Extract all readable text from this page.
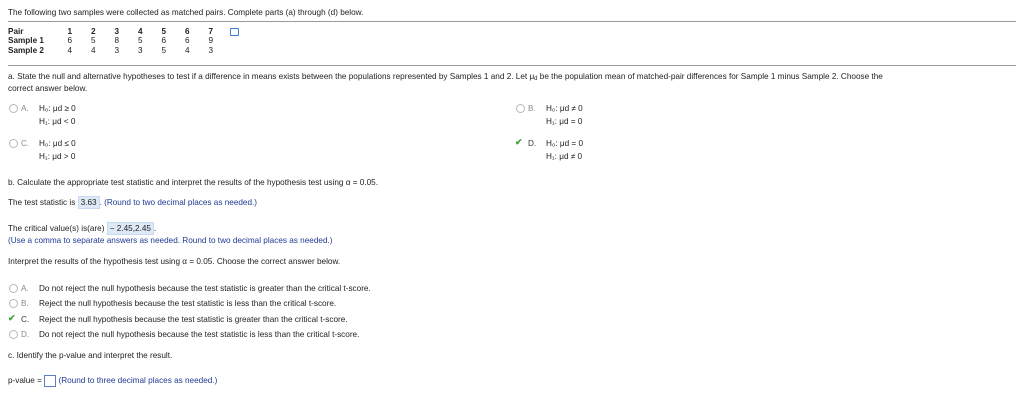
The following two samples were collected as matched pairs. Complete parts (a) through (d) below.
Pair	1	2	3	4	5	6	7	
Sample 1	6	5	8	5	6	6	9	
Sample 2	4	4	3	3	5	4	3	
a. State the null and alternative hypotheses to test if a difference in means exists between the populations represented by Samples 1 and 2. Let μd be the population mean of matched-pair differences for Sample 1 minus Sample 2. Choose the
correct answer below.
A. H₀: μd ≥ 0
H₁: μd < 0
B. H₀: μd ≠ 0
H₁: μd = 0
C. H₀: μd ≤ 0
H₁: μd > 0
✔ D. H₀: μd = 0
H₁: μd ≠ 0
b. Calculate the appropriate test statistic and interpret the results of the hypothesis test using α = 0.05.
The test statistic is 3.63 . (Round to two decimal places as needed.)
The critical value(s) is(are) − 2.45,2.45 .
(Use a comma to separate answers as needed. Round to two decimal places as needed.)
Interpret the results of the hypothesis test using α = 0.05. Choose the correct answer below.
A. Do not reject the null hypothesis because the test statistic is greater than the critical t-score.
B. Reject the null hypothesis because the test statistic is less than the critical t-score.
✔ C. Reject the null hypothesis because the test statistic is greater than the critical t-score.
D. Do not reject the null hypothesis because the test statistic is less than the critical t-score.
c. Identify the p-value and interpret the result.
p-value = (Round to three decimal places as needed.)
